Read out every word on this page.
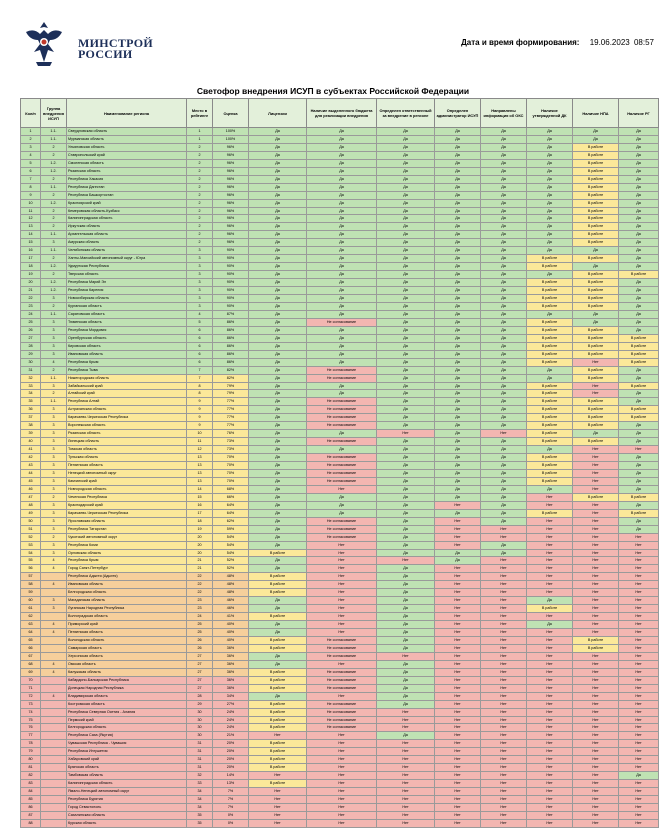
МИНСТРОЙ
РОССИИ
Дата и время формирования: 19.06.2023 08:57
Светофор внедрения ИСУП в субъектах Российской Федерации
Кол/п	Группа внедрения ИСУП	Наименование региона	Место в рейтинге	Оценка	Лицензии	Наличие выделенного бюджета для реализации внедрения	Определен ответственный за внедрение в регионе	Определен администратор ИСУП	Направлены информация об ОКС	Наличие утвержденной ДК	Наличие НПА	Наличие РГ
1	1.1.	Свердловская область	1	100%	Да	Да	Да	Да	Да	Да	Да	Да
2	1.1.	Мурманская область	1	100%	Да	Да	Да	Да	Да	Да	Да	Да
3	2	Ульяновская область	2	96%	Да	Да	Да	Да	Да	Да	В работе	Да
4	2	Ставропольский край	2	96%	Да	Да	Да	Да	Да	Да	В работе	Да
5	1.2.	Смоленская область	2	96%	Да	Да	Да	Да	Да	Да	В работе	Да
6	1.2.	Рязанская область	2	96%	Да	Да	Да	Да	Да	Да	В работе	Да
7	2	Республика Хакасия	2	96%	Да	Да	Да	Да	Да	Да	В работе	Да
8	1.1.	Республика Дагестан	2	96%	Да	Да	Да	Да	Да	Да	В работе	Да
9	2	Республика Башкортостан	2	96%	Да	Да	Да	Да	Да	Да	В работе	Да
10	1.2.	Красноярский край	2	96%	Да	Да	Да	Да	Да	Да	В работе	Да
11	2	Кемеровская область-Кузбасс	2	96%	Да	Да	Да	Да	Да	Да	В работе	Да
12	2	Калининградская область	2	96%	Да	Да	Да	Да	Да	Да	В работе	Да
13	2	Иркутская область	2	96%	Да	Да	Да	Да	Да	Да	В работе	Да
14	1.1.	Архангельская область	2	96%	Да	Да	Да	Да	Да	Да	В работе	Да
15	3	Амурская область	2	96%	Да	Да	Да	Да	Да	Да	В работе	Да
16	1.1.	Челябинская область	3	90%	Да	Да	Да	Да	Да	Да	Да	Да
17	2	Ханты-Мансийский автономный округ - Югра	3	90%	Да	Да	Да	Да	Да	В работе	В работе	Да
18	1.2.	Удмуртская Республика	3	90%	Да	Да	Да	Да	Да	В работе	Да	Да
19	2	Тверская область	3	90%	Да	Да	Да	Да	Да	Да	В работе	В работе
20	1.2.	Республика Марий Эл	3	90%	Да	Да	Да	Да	Да	В работе	В работе	Да
21	1.2.	Республика Карелия	3	90%	Да	Да	Да	Да	Да	В работе	В работе	Да
22	3	Новосибирская область	3	90%	Да	Да	Да	Да	Да	В работе	В работе	Да
23	2	Курганская область	3	90%	Да	Да	Да	Да	Да	В работе	В работе	Да
24	1.1.	Саратовская область	4	87%	Да	Да	Да	Да	Да	Да	Да	Да
25	3	Тюменская область	5	86%	Да	Не согласование	Да	Да	Да	В работе	Да	Да
26	3	Республика Мордовия	6	86%	Да	Да	Да	Да	Да	В работе	В работе	Да
27	3	Оренбургская область	6	86%	Да	Да	Да	Да	Да	В работе	В работе	В работе
28	3	Кировская область	6	86%	Да	Да	Да	Да	Да	В работе	В работе	В работе
29	3	Ивановская область	6	86%	Да	Да	Да	Да	Да	В работе	В работе	В работе
30	4	Республика Крым	6	86%	Да	Да	Да	Да	Да	В работе	Нет	В работе
31	2	Республика Тыва	7	82%	Да	Не согласование	Да	Да	Да	Да	В работе	Да
32	1.1.	Нижегородская область	7	82%	Да	Не согласование	Да	Да	Да	Да	В работе	Да
33	3	Забайкальский край	8	79%	Да	Да	Да	Да	Да	В работе	Нет	В работе
34	2	Алтайский край	8	79%	Да	Да	Да	Да	Да	В работе	Нет	Да
35	1.1.	Республика Алтай	9	77%	Да	Не согласование	Да	Да	Да	В работе	В работе	Да
36	3	Астраханская область	9	77%	Да	Не согласование	Да	Да	Да	В работе	В работе	В работе
37	3	Карачаево-Черкесская Республика	9	77%	Да	Не согласование	Да	Да	Да	В работе	В работе	В работе
38	3	Воронежская область	9	77%	Да	Не согласование	Да	Да	Да	В работе	В работе	Да
39	3	Рязанская область	10	76%	Да	Да	Нет	Да	Нет	В работе	Да	Да
40	3	Липецкая область	11	73%	Да	Не согласование	Да	Да	Да	В работе	В работе	Да
41	3	Томская область	12	73%	Да	Да	Да	Да	Да	Да	Нет	Нет
42	3	Тульская область	13	70%	Да	Не согласование	Да	Да	Да	В работе	Нет	Да
43	3	Пензенская область	13	70%	Да	Не согласование	Да	Да	Да	В работе	Нет	Да
44	3	Ненецкий автономный округ	13	70%	Да	Не согласование	Да	Да	Да	В работе	Нет	Да
45	3	Камчатский край	13	70%	Да	Не согласование	Да	Да	Да	В работе	Нет	Да
46	3	Новгородская область	14	68%	Да	Нет	Да	Да	Да	Да	Нет	Да
47	2	Чеченская Республика	15	66%	Да	Да	Да	Да	Да	Нет	В работе	В работе
48	3	Краснодарский край	16	64%	Да	Да	Да	Нет	Да	Нет	Нет	Да
49	3	Карачаево-Черкесская Республика	17	64%	Да	Да	Да	Да	Да	В работе	Нет	В работе
50	3	Ярославская область	18	62%	Да	Не согласование	Да	Нет	Да	Нет	Нет	Да
51	3	Республика Татарстан	19	59%	Да	Не согласование	Да	Нет	Нет	Нет	Нет	Да
52	2	Чукотский автономный округ	20	54%	Да	Не согласование	Да	Нет	Нет	Нет	Нет	Нет
53	3	Республика Коми	20	54%	Да	Нет	Да	Нет	Да	Нет	Нет	Нет
54	3	Орловская область	20	54%	В работе	Нет	Да	Да	Да	Нет	Нет	Нет
55	4	Республика Крым	21	52%	Да	Нет	Нет	Да	Нет	Нет	Нет	Нет
56	4	Город Санкт-Петербург	21	52%	Да	Нет	Да	Нет	Нет	Нет	Нет	Нет
57		Республика Адыгея (Адыгея)	22	48%	В работе	Нет	Да	Нет	Нет	Нет	Нет	Нет
58	4	Ивановская область	22	48%	В работе	Нет	Да	Нет	Нет	Нет	Нет	Нет
59		Белгородская область	22	48%	В работе	Нет	Да	Нет	Нет	Нет	Нет	Нет
60	3	Магаданская область	23	46%	Да	Нет	Да	Нет	Нет	Да	Нет	Нет
61	3	Луганская Народная Республика	23	46%	Да	Нет	Да	Нет	Нет	В работе	Нет	Нет
62		Волгоградская область	24	41%	В работе	Нет	Да	Нет	Нет	Нет	Нет	Нет
63	4	Приморский край	25	40%	Да	Нет	Да	Нет	Нет	Да	Нет	Нет
64	4	Пензенская область	25	40%	Да	Нет	Да	Нет	Нет	Нет	Нет	Нет
65		Вологодская область	26	40%	В работе	Не согласование	Да	Нет	Нет	Нет	В работе	Нет
66		Самарская область	26	36%	В работе	Не согласование	Да	Нет	Нет	Нет	В работе	Нет
67		Херсонская область	27	36%	Да	Не согласование	Нет	Нет	Нет	Нет	Нет	Нет
68	4	Омская область	27	36%	Да	Нет	Да	Нет	Нет	Нет	Нет	Нет
69	4	Калужская область	27	36%	В работе	Не согласование	Да	Нет	Нет	Нет	Нет	Нет
70		Кабардино-Балкарская Республика	27	36%	В работе	Не согласование	Да	Нет	Нет	Нет	Нет	Нет
71		Донецкая Народная Республика	27	36%	В работе	Не согласование	Да	Нет	Нет	Нет	Нет	Нет
72	4	Владимирская область	28	34%	Да	Нет	Да	Нет	Нет	Нет	Нет	Нет
73		Костромская область	29	27%	В работе	Не согласование	Да	Нет	Нет	Нет	Нет	Нет
74		Республика Северная Осетия - Алания	30	24%	В работе	Не согласование	Нет	Нет	Нет	Нет	Нет	Нет
75		Пермский край	30	24%	В работе	Не согласование	Нет	Нет	Нет	Нет	Нет	Нет
76		Белгородская область	30	24%	В работе	Не согласование	Нет	Нет	Нет	Нет	Нет	Нет
77		Республика Саха (Якутия)	30	21%	Нет	Нет	Да	Нет	Нет	Нет	Нет	Нет
78		Чувашская Республика - Чувашия	31	20%	В работе	Нет	Нет	Нет	Нет	Нет	Нет	Нет
79		Республика Ингушетия	31	20%	В работе	Нет	Нет	Нет	Нет	Нет	Нет	Нет
80		Хабаровский край	31	20%	В работе	Нет	Нет	Нет	Нет	Нет	Нет	Нет
81		Брянская область	31	20%	В работе	Нет	Нет	Нет	Нет	Нет	Нет	Нет
82		Тамбовская область	32	14%	Нет	Нет	Нет	Нет	Нет	Нет	Нет	Да
83		Калининградская область	33	13%	В работе	Нет	Нет	Нет	Нет	Нет	Нет	Нет
84		Ямало-Ненецкий автономный округ	34	7%	Нет	Нет	Нет	Нет	Нет	Нет	Нет	Нет
85		Республика Бурятия	34	7%	Нет	Нет	Нет	Нет	Нет	Нет	Нет	Нет
86		Город Севастополь	34	7%	Нет	Нет	Нет	Нет	Нет	Нет	Нет	Нет
87		Сахалинская область	35	0%	Нет	Нет	Нет	Нет	Нет	Нет	Нет	Нет
88		Курская область	35	0%	Нет	Нет	Нет	Нет	Нет	Нет	Нет	Нет
